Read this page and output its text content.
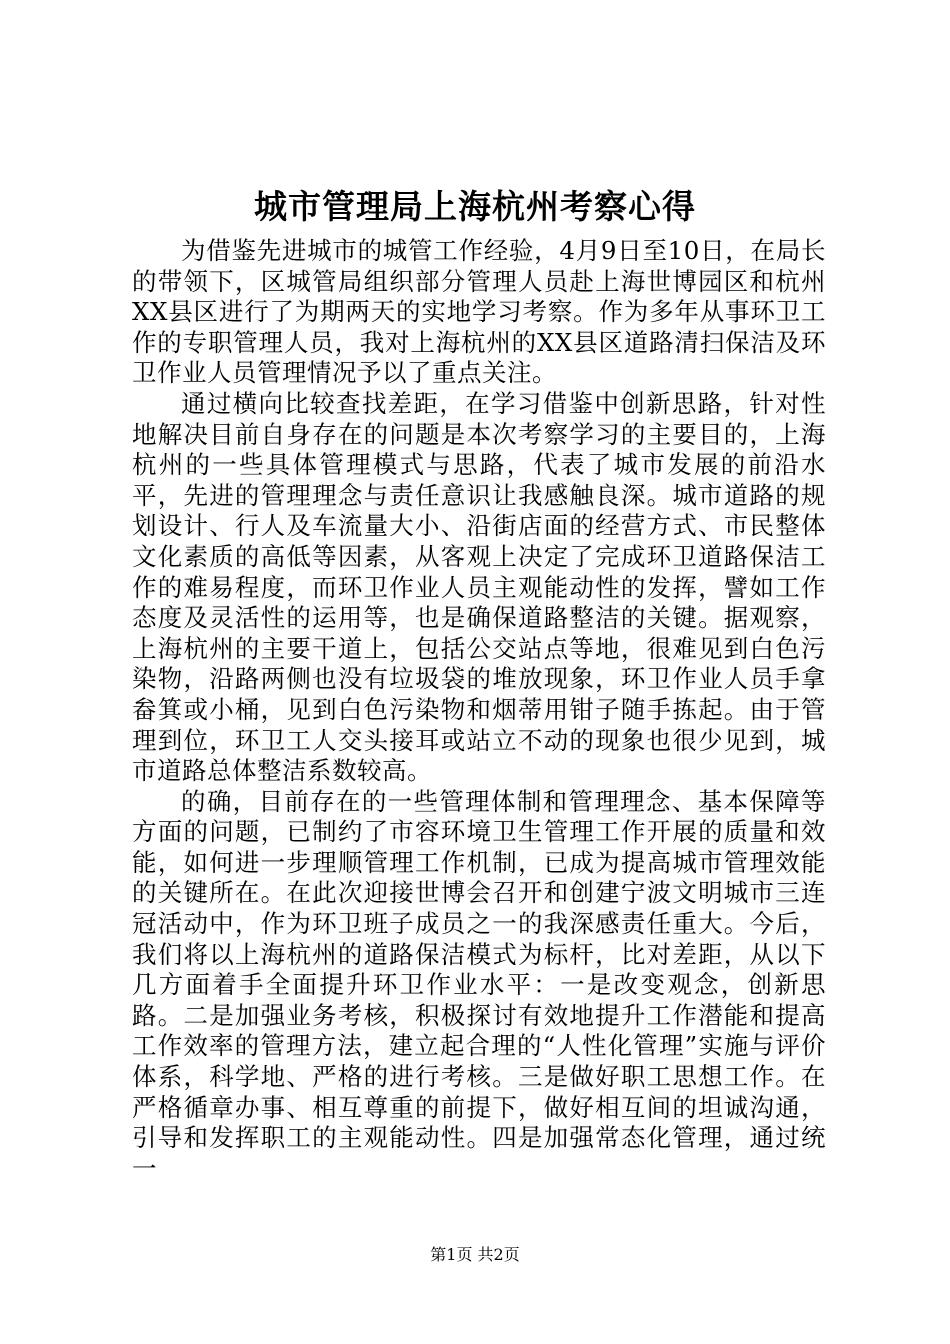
城市管理局上海杭州考察心得

为借鉴先进城市的城管工作经验，4月9日至10日，在局长的带领下，区城管局组织部分管理人员赴上海世博园区和杭州XX县区进行了为期两天的实地学习考察。作为多年从事环卫工作的专职管理人员，我对上海杭州的XX县区道路清扫保洁及环卫作业人员管理情况予以了重点关注。

通过横向比较查找差距，在学习借鉴中创新思路，针对性地解决目前自身存在的问题是本次考察学习的主要目的，上海杭州的一些具体管理模式与思路，代表了城市发展的前沿水平，先进的管理理念与责任意识让我感触良深。城市道路的规划设计、行人及车流量大小、沿街店面的经营方式、市民整体文化素质的高低等因素，从客观上决定了完成环卫道路保洁工作的难易程度，而环卫作业人员主观能动性的发挥，譬如工作态度及灵活性的运用等，也是确保道路整洁的关键。据观察，上海杭州的主要干道上，包括公交站点等地，很难见到白色污染物，沿路两侧也没有垃圾袋的堆放现象，环卫作业人员手拿畚箕或小桶，见到白色污染物和烟蒂用钳子随手拣起。由于管理到位，环卫工人交头接耳或站立不动的现象也很少见到，城市道路总体整洁系数较高。

的确，目前存在的一些管理体制和管理理念、基本保障等方面的问题，已制约了市容环境卫生管理工作开展的质量和效能，如何进一步理顺管理工作机制，已成为提高城市管理效能的关键所在。在此次迎接世博会召开和创建宁波文明城市三连冠活动中，作为环卫班子成员之一的我深感责任重大。今后，我们将以上海杭州的道路保洁模式为标杆，比对差距，从以下几方面着手全面提升环卫作业水平：一是改变观念，创新思路。二是加强业务考核，积极探讨有效地提升工作潜能和提高工作效率的管理方法，建立起合理的“人性化管理”实施与评价体系，科学地、严格的进行考核。三是做好职工思想工作。在严格循章办事、相互尊重的前提下，做好相互间的坦诚沟通，引导和发挥职工的主观能动性。四是加强常态化管理，通过统一

第1页 共2页
